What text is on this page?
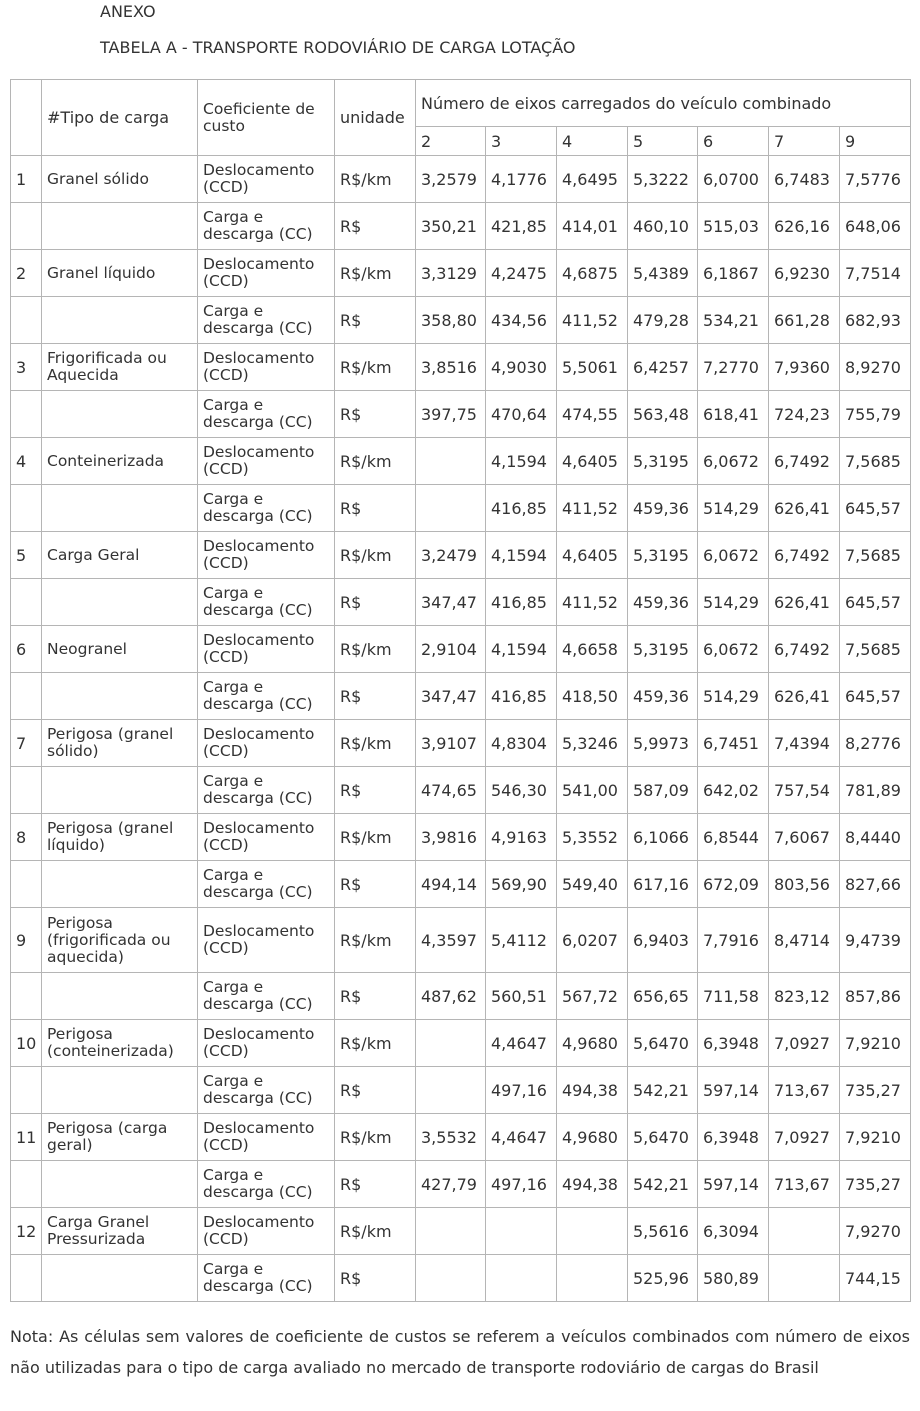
ANEXO
TABELA A - TRANSPORTE RODOVIÁRIO DE CARGA LOTAÇÃO
	#Tipo de carga	Coeficiente de custo	unidade	Número de eixos carregados do veículo combinado						
				2	3	4	5	6	7	9
1	Granel sólido	Deslocamento (CCD)	R$/km	3,2579	4,1776	4,6495	5,3222	6,0700	6,7483	7,5776
		Carga e descarga (CC)	R$	350,21	421,85	414,01	460,10	515,03	626,16	648,06
2	Granel líquido	Deslocamento (CCD)	R$/km	3,3129	4,2475	4,6875	5,4389	6,1867	6,9230	7,7514
		Carga e descarga (CC)	R$	358,80	434,56	411,52	479,28	534,21	661,28	682,93
3	Frigorificada ou Aquecida	Deslocamento (CCD)	R$/km	3,8516	4,9030	5,5061	6,4257	7,2770	7,9360	8,9270
		Carga e descarga (CC)	R$	397,75	470,64	474,55	563,48	618,41	724,23	755,79
4	Conteinerizada	Deslocamento (CCD)	R$/km		4,1594	4,6405	5,3195	6,0672	6,7492	7,5685
		Carga e descarga (CC)	R$		416,85	411,52	459,36	514,29	626,41	645,57
5	Carga Geral	Deslocamento (CCD)	R$/km	3,2479	4,1594	4,6405	5,3195	6,0672	6,7492	7,5685
		Carga e descarga (CC)	R$	347,47	416,85	411,52	459,36	514,29	626,41	645,57
6	Neogranel	Deslocamento (CCD)	R$/km	2,9104	4,1594	4,6658	5,3195	6,0672	6,7492	7,5685
		Carga e descarga (CC)	R$	347,47	416,85	418,50	459,36	514,29	626,41	645,57
7	Perigosa (granel sólido)	Deslocamento (CCD)	R$/km	3,9107	4,8304	5,3246	5,9973	6,7451	7,4394	8,2776
		Carga e descarga (CC)	R$	474,65	546,30	541,00	587,09	642,02	757,54	781,89
8	Perigosa (granel líquido)	Deslocamento (CCD)	R$/km	3,9816	4,9163	5,3552	6,1066	6,8544	7,6067	8,4440
		Carga e descarga (CC)	R$	494,14	569,90	549,40	617,16	672,09	803,56	827,66
9	Perigosa (frigorificada ou aquecida)	Deslocamento (CCD)	R$/km	4,3597	5,4112	6,0207	6,9403	7,7916	8,4714	9,4739
		Carga e descarga (CC)	R$	487,62	560,51	567,72	656,65	711,58	823,12	857,86
10	Perigosa (conteinerizada)	Deslocamento (CCD)	R$/km		4,4647	4,9680	5,6470	6,3948	7,0927	7,9210
		Carga e descarga (CC)	R$		497,16	494,38	542,21	597,14	713,67	735,27
11	Perigosa (carga geral)	Deslocamento (CCD)	R$/km	3,5532	4,4647	4,9680	5,6470	6,3948	7,0927	7,9210
		Carga e descarga (CC)	R$	427,79	497,16	494,38	542,21	597,14	713,67	735,27
12	Carga Granel Pressurizada	Deslocamento (CCD)	R$/km				5,5616	6,3094		7,9270
		Carga e descarga (CC)	R$				525,96	580,89		744,15
Nota: As células sem valores de coeficiente de custos se referem a veículos combinados com número de eixos não utilizadas para o tipo de carga avaliado no mercado de transporte rodoviário de cargas do Brasil
